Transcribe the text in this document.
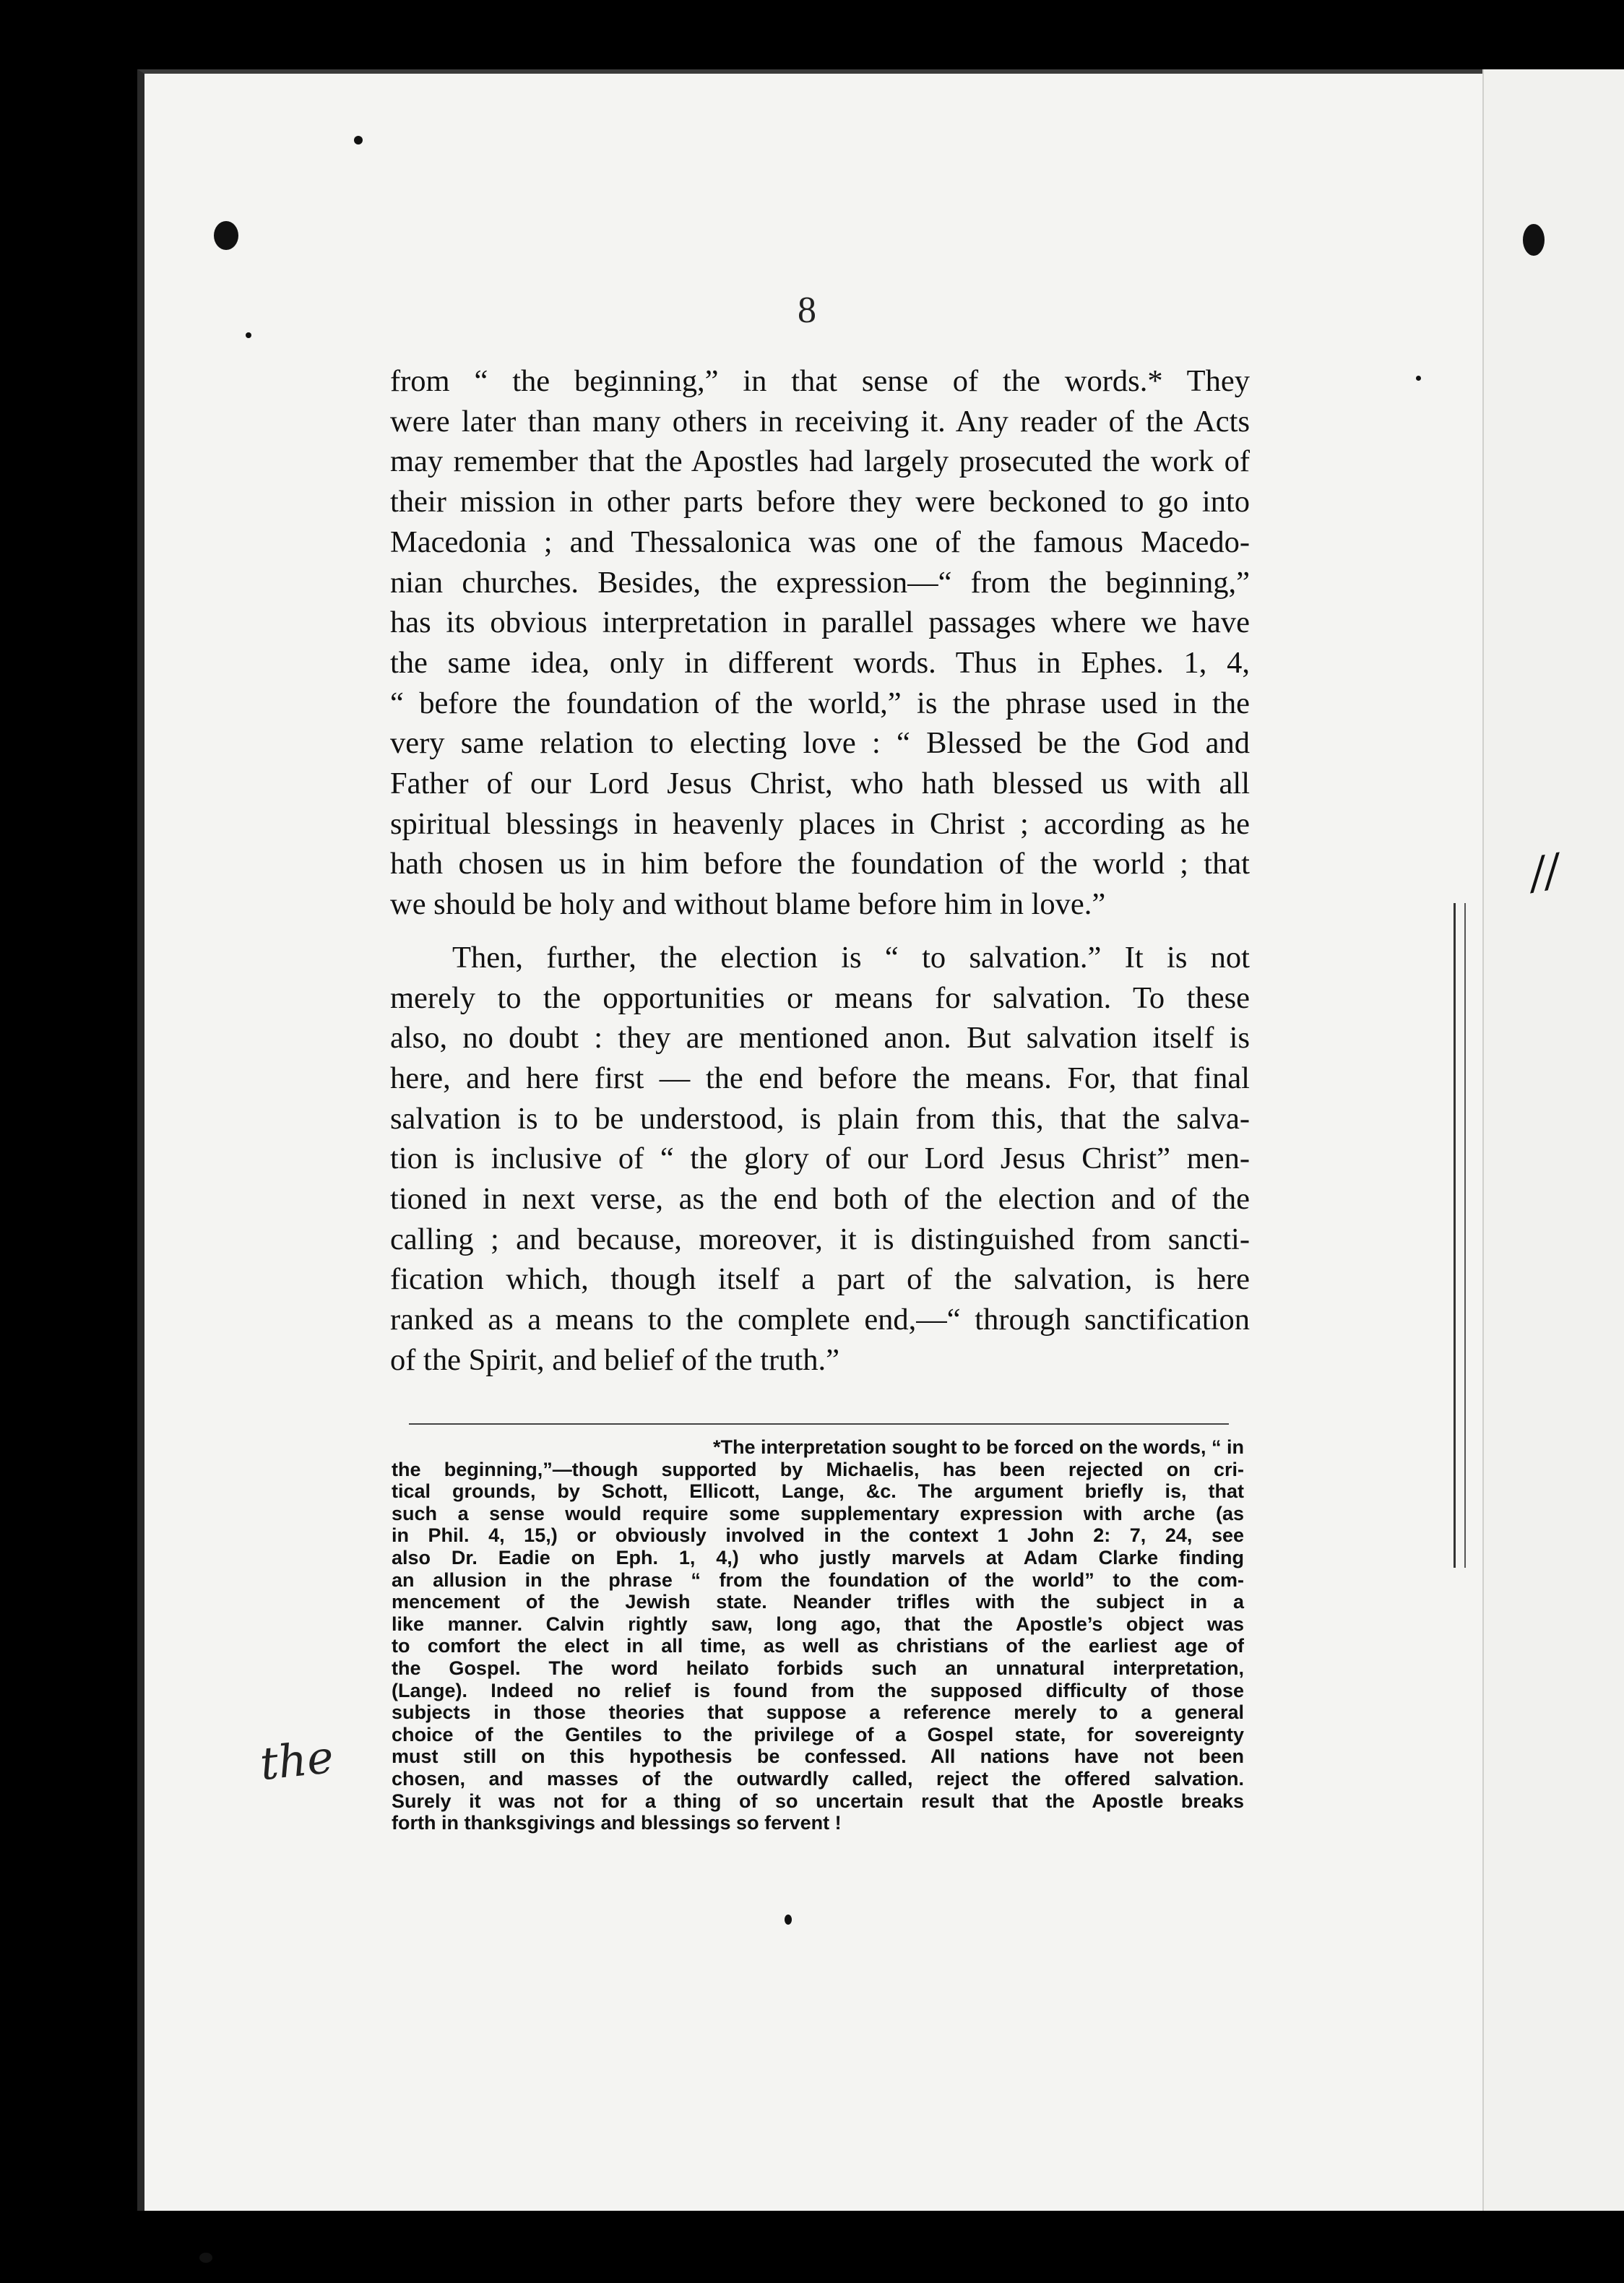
8
from “ the beginning,” in that sense of the words.* They
were later than many others in receiving it. Any reader of the Acts
may remember that the Apostles had largely prosecuted the work of
their mission in other parts before they were beckoned to go into
Macedonia ; and Thessalonica was one of the famous Macedo-
nian churches. Besides, the expression—“ from the beginning,”
has its obvious interpretation in parallel passages where we have
the same idea, only in different words. Thus in Ephes. 1, 4,
“ before the foundation of the world,” is the phrase used in the
very same relation to electing love : “ Blessed be the God and
Father of our Lord Jesus Christ, who hath blessed us with all
spiritual blessings in heavenly places in Christ ; according as he
hath chosen us in him before the foundation of the world ; that
we should be holy and without blame before him in love.”
Then, further, the election is “ to salvation.” It is not
merely to the opportunities or means for salvation. To these
also, no doubt : they are mentioned anon. But salvation itself is
here, and here first — the end before the means. For, that final
salvation is to be understood, is plain from this, that the salva-
tion is inclusive of “ the glory of our Lord Jesus Christ” men-
tioned in next verse, as the end both of the election and of the
calling ; and because, moreover, it is distinguished from sancti-
fication which, though itself a part of the salvation, is here
ranked as a means to the complete end,—“ through sanctification
of the Spirit, and belief of the truth.”
*The interpretation sought to be forced on the words, “ in
the beginning,”—though supported by Michaelis, has been rejected on cri-
tical grounds, by Schott, Ellicott, Lange, &c. The argument briefly is, that
such a sense would require some supplementary expression with arche (as
in Phil. 4, 15,) or obviously involved in the context 1 John 2: 7, 24, see
also Dr. Eadie on Eph. 1, 4,) who justly marvels at Adam Clarke finding
an allusion in the phrase “ from the foundation of the world” to the com-
mencement of the Jewish state. Neander trifles with the subject in a
like manner. Calvin rightly saw, long ago, that the Apostle’s object was
to comfort the elect in all time, as well as christians of the earliest age of
the Gospel. The word heilato forbids such an unnatural interpretation,
(Lange). Indeed no relief is found from the supposed difficulty of those
subjects in those theories that suppose a reference merely to a general
choice of the Gentiles to the privilege of a Gospel state, for sovereignty
must still on this hypothesis be confessed. All nations have not been
chosen, and masses of the outwardly called, reject the offered salvation.
Surely it was not for a thing of so uncertain result that the Apostle breaks
forth in thanksgivings and blessings so fervent !
the
//
